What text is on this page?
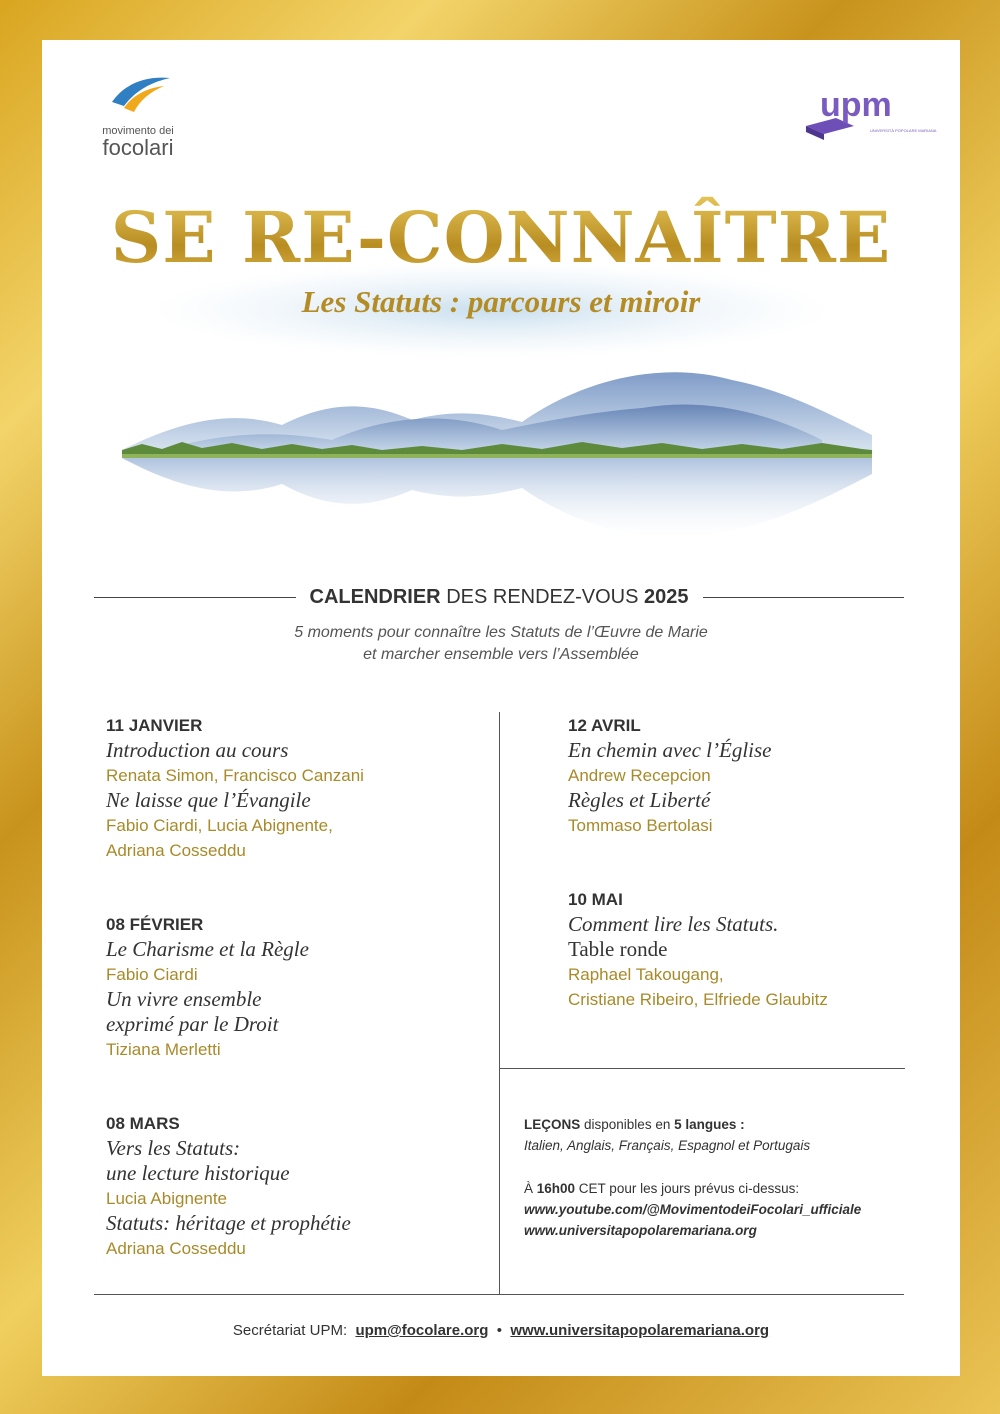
movimento dei
focolari
upm
UNIVERSITÀ POPOLARE MARIANA
SE RE-CONNAÎTRE
Les Statuts : parcours et miroir
CALENDRIER DES RENDEZ-VOUS 2025
5 moments pour connaître les Statuts de l’Œuvre de Marie
et marcher ensemble vers l’Assemblée
11 JANVIER
Introduction au cours
Renata Simon, Francisco Canzani
Ne laisse que l’Évangile
Fabio Ciardi, Lucia Abignente,
Adriana Cosseddu
08 FÉVRIER
Le Charisme et la Règle
Fabio Ciardi
Un vivre ensemble
exprimé par le Droit
Tiziana Merletti
08 MARS
Vers les Statuts:
une lecture historique
Lucia Abignente
Statuts: héritage et prophétie
Adriana Cosseddu
12 AVRIL
En chemin avec l’Église
Andrew Recepcion
Règles et Liberté
Tommaso Bertolasi
10 MAI
Comment lire les Statuts.
Table ronde
Raphael Takougang,
Cristiane Ribeiro, Elfriede Glaubitz
LEÇONS disponibles en 5 langues :
Italien, Anglais, Français, Espagnol et Portugais
À 16h00 CET pour les jours prévus ci-dessus:
www.youtube.com/@MovimentodeiFocolari_ufficiale
www.universitapopolaremariana.org
Secrétariat UPM: upm@focolare.org • www.universitapopolaremariana.org
